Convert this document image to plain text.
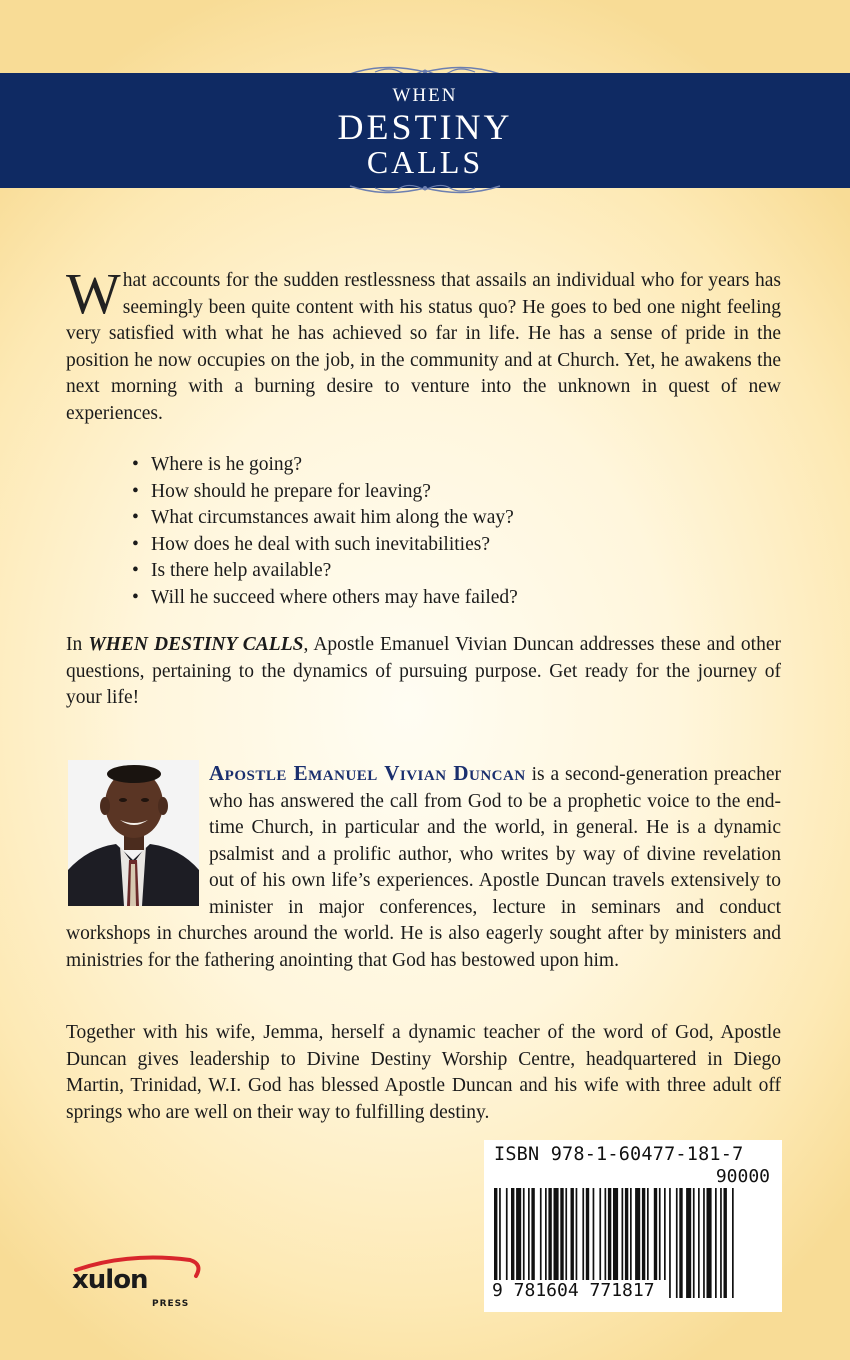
WHEN
DESTINY
CALLS

What accounts for the sudden restlessness that assails an individual who for years has seemingly been quite content with his status quo? He goes to bed one night feeling very satisfied with what he has achieved so far in life. He has a sense of pride in the position he now occupies on the job, in the community and at Church. Yet, he awakens the next morning with a burning desire to venture into the unknown in quest of new experiences.

• Where is he going?
• How should he prepare for leaving?
• What circumstances await him along the way?
• How does he deal with such inevitabilities?
• Is there help available?
• Will he succeed where others may have failed?

In WHEN DESTINY CALLS, Apostle Emanuel Vivian Duncan addresses these and other questions, pertaining to the dynamics of pursuing purpose. Get ready for the journey of your life!

Apostle Emanuel Vivian Duncan is a second-generation preacher who has answered the call from God to be a prophetic voice to the end-time Church, in particular and the world, in general. He is a dynamic psalmist and a prolific author, who writes by way of divine revelation out of his own life’s experiences. Apostle Duncan travels extensively to minister in major conferences, lecture in seminars and conduct workshops in churches around the world. He is also eagerly sought after by ministers and ministries for the fathering anointing that God has bestowed upon him.

Together with his wife, Jemma, herself a dynamic teacher of the word of God, Apostle Duncan gives leadership to Divine Destiny Worship Centre, headquartered in Diego Martin, Trinidad, W.I. God has blessed Apostle Duncan and his wife with three adult off springs who are well on their way to fulfilling destiny.

ISBN 978-1-60477-181-7
90000
9 781604 771817
xulon
PRESS
